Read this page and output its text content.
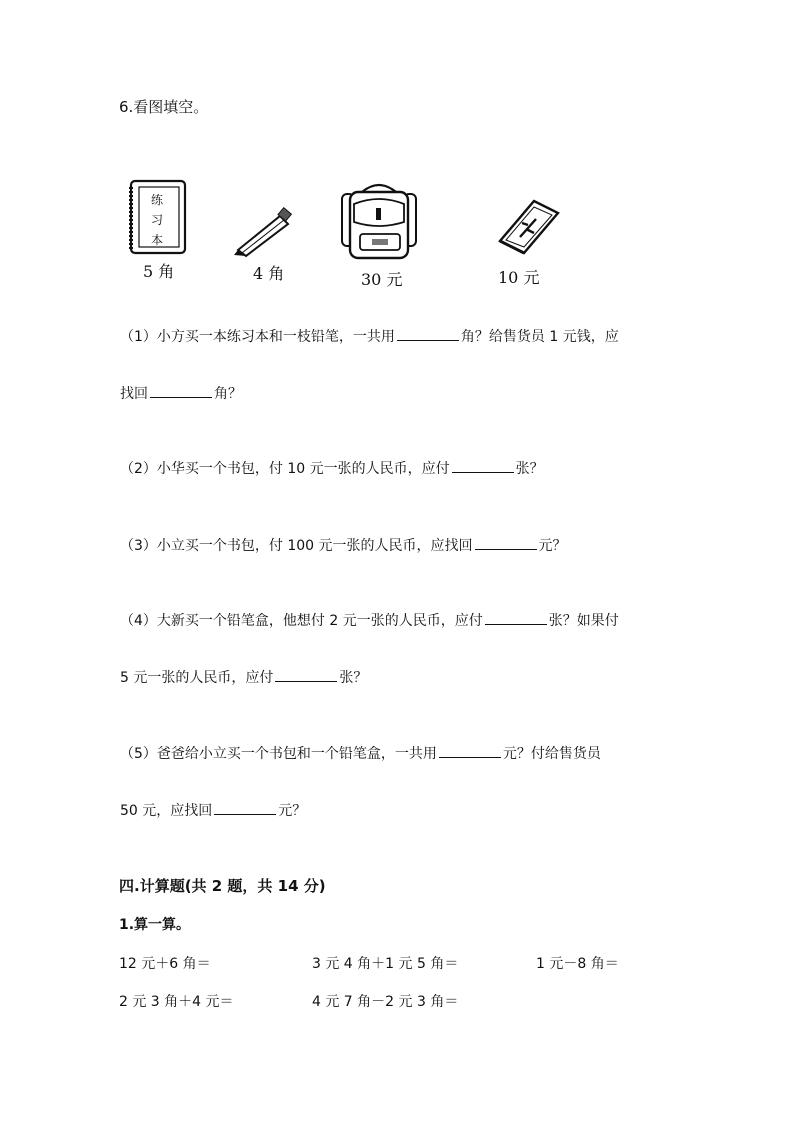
6.看图填空。
练
习
本
5 角	4 角	30 元	10 元
（1）小方买一本练习本和一枝铅笔，一共用	角？给售货员 1 元钱，应
找回	角？
（2）小华买一个书包，付 10 元一张的人民币，应付	张？
（3）小立买一个书包，付 100 元一张的人民币，应找回	元？
（4）大新买一个铅笔盒，他想付 2 元一张的人民币，应付	张？如果付
5 元一张的人民币，应付	张？
（5）爸爸给小立买一个书包和一个铅笔盒，一共用	元？付给售货员
50 元，应找回	元？
四.计算题(共 2 题，共 14 分)
1.算一算。
12 元＋6 角＝	3 元 4 角＋1 元 5 角＝	1 元－8 角＝
2 元 3 角＋4 元＝	4 元 7 角－2 元 3 角＝
